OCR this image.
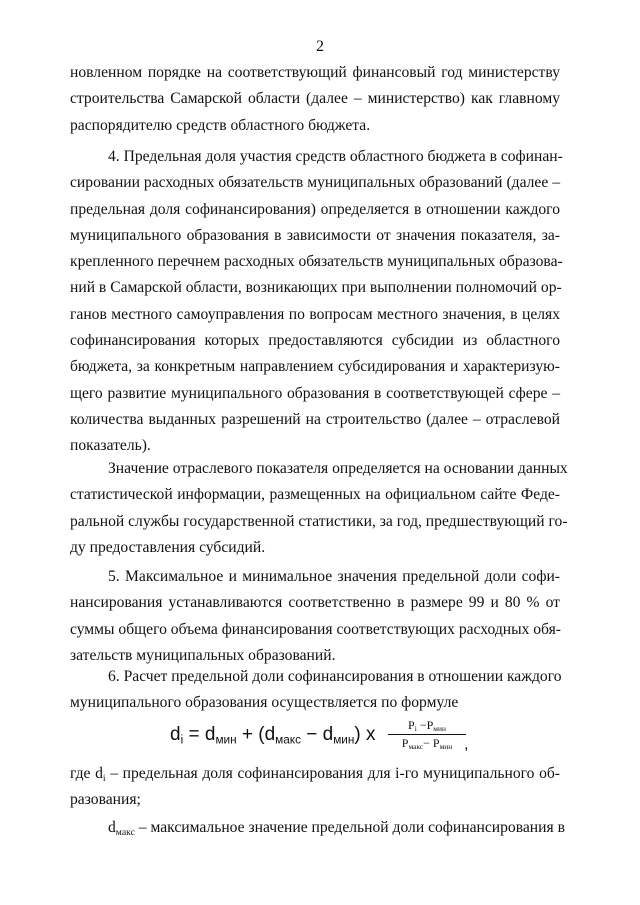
2
новленном порядке на соответствующий финансовый год министерству
строительства Самарской области (далее – министерство) как главному
распорядителю средств областного бюджета.
4. Предельная доля участия средств областного бюджета в софинан-
сировании расходных обязательств муниципальных образований (далее –
предельная доля софинансирования) определяется в отношении каждого
муниципального образования в зависимости от значения показателя, за-
крепленного перечнем расходных обязательств муниципальных образова-
ний в Самарской области, возникающих при выполнении полномочий ор-
ганов местного самоуправления по вопросам местного значения, в целях
софинансирования которых предоставляются субсидии из областного
бюджета, за конкретным направлением субсидирования и характеризую-
щего развитие муниципального образования в соответствующей сфере –
количества выданных разрешений на строительство (далее – отраслевой
показатель).
Значение отраслевого показателя определяется на основании данных
статистической информации, размещенных на официальном сайте Феде-
ральной службы государственной статистики, за год, предшествующий го-
ду предоставления субсидий.
5. Максимальное и минимальное значения предельной доли софи-
нансирования устанавливаются соответственно в размере 99 и 80 % от
суммы общего объема финансирования соответствующих расходных обя-
зательств муниципальных образований.
6. Расчет предельной доли софинансирования в отношении каждого
муниципального образования осуществляется по формуле
$d_i = d_{мин} + (d_{макс} - d_{мин})$ x	$P_i -P_{мин}$
$P_{макс}- P_{мин}$ ,
где $d_i$ – предельная доля софинансирования для i-го муниципального об-
разования;
$d_{макс}$ – максимальное значение предельной доли софинансирования в
